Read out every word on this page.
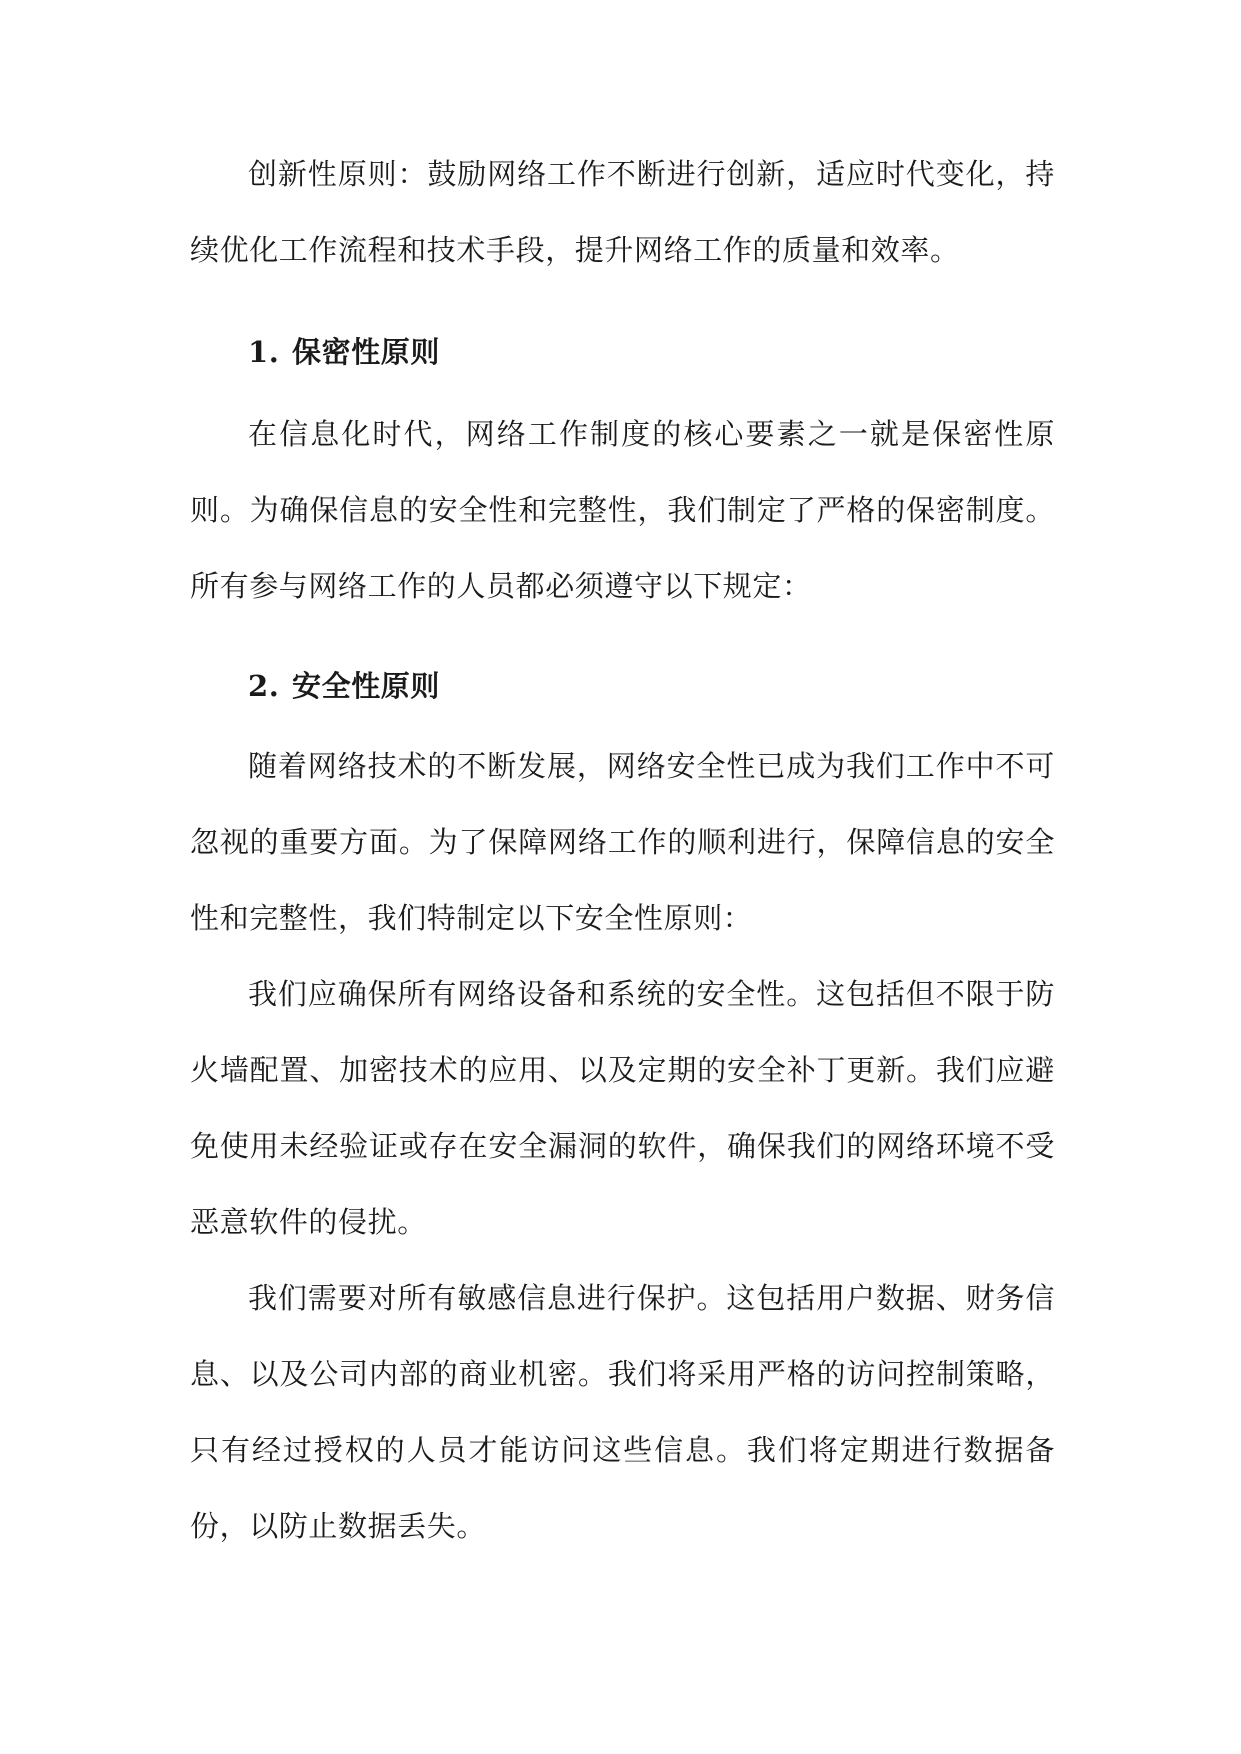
创新性原则：鼓励网络工作不断进行创新，适应时代变化，持续优化工作流程和技术手段，提升网络工作的质量和效率。

1. 保密性原则

在信息化时代，网络工作制度的核心要素之一就是保密性原则。为确保信息的安全性和完整性，我们制定了严格的保密制度。所有参与网络工作的人员都必须遵守以下规定：

2. 安全性原则

随着网络技术的不断发展，网络安全性已成为我们工作中不可忽视的重要方面。为了保障网络工作的顺利进行，保障信息的安全性和完整性，我们特制定以下安全性原则：

我们应确保所有网络设备和系统的安全性。这包括但不限于防火墙配置、加密技术的应用、以及定期的安全补丁更新。我们应避免使用未经验证或存在安全漏洞的软件，确保我们的网络环境不受恶意软件的侵扰。

我们需要对所有敏感信息进行保护。这包括用户数据、财务信息、以及公司内部的商业机密。我们将采用严格的访问控制策略，只有经过授权的人员才能访问这些信息。我们将定期进行数据备份，以防止数据丢失。
